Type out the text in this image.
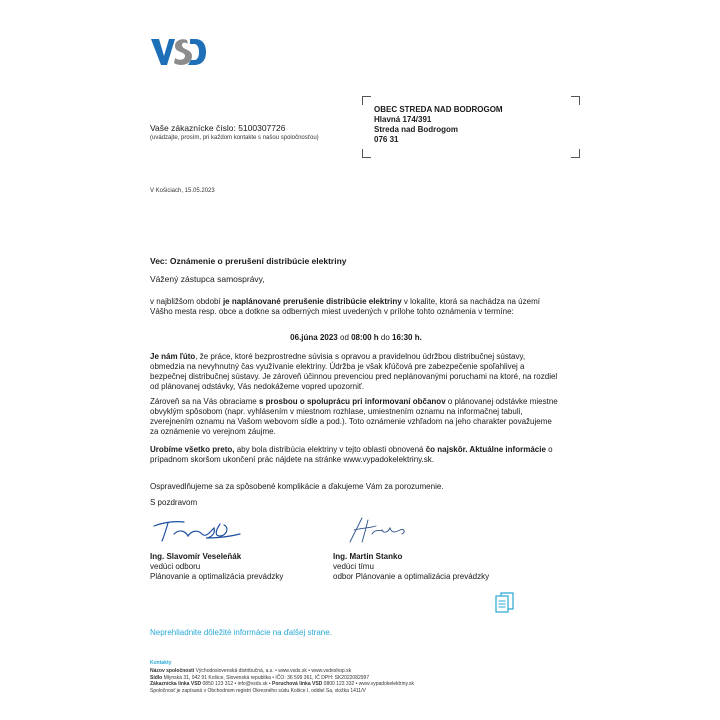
Vaše zákaznícke číslo: 5100307726
(uvádzajte, prosím, pri každom kontakte s našou spoločnosťou)
OBEC STREDA NAD BODROGOM
Hlavná 174/391
Streda nad Bodrogom
076 31
V Košiciach, 15.05.2023
Vec: Oznámenie o prerušení distribúcie elektriny
Vážený zástupca samosprávy,
v najbližšom období je naplánované prerušenie distribúcie elektriny v lokalite, ktorá sa nachádza na území Vášho mesta resp. obce a dotkne sa odberných miest uvedených v prílohe tohto oznámenia v termíne:
06.júna 2023 od 08:00 h do 16:30 h.
Je nám ľúto, že práce, ktoré bezprostredne súvisia s opravou a pravidelnou údržbou distribučnej sústavy, obmedzia na nevyhnutný čas využívanie elektriny. Údržba je však kľúčová pre zabezpečenie spoľahlivej a bezpečnej distribučnej sústavy. Je zároveň účinnou prevenciou pred neplánovanými poruchami na ktoré, na rozdiel od plánovanej odstávky, Vás nedokážeme vopred upozorniť.
Zároveň sa na Vás obraciame s prosbou o spoluprácu pri informovaní občanov o plánovanej odstávke miestne obvyklým spôsobom (napr. vyhlásením v miestnom rozhlase, umiestnením oznamu na informačnej tabuli, zverejnením oznamu na Vašom webovom sídle a pod.). Toto oznámenie vzhľadom na jeho charakter považujeme za oznámenie vo verejnom záujme.
Urobíme všetko preto, aby bola distribúcia elektriny v tejto oblasti obnovená čo najskôr. Aktuálne informácie o prípadnom skoršom ukončení prác nájdete na stránke www.vypadokelektriny.sk.
Ospravedlňujeme sa za spôsobené komplikácie a ďakujeme Vám za porozumenie.
S pozdravom
Ing. Slavomír Veseleňák
vedúci odboru
Plánovanie a optimalizácia prevádzky
Ing. Martin Stanko
vedúci tímu
odbor Plánovanie a optimalizácia prevádzky
Neprehliadnite dôležité informácie na ďalšej strane.
Kontakty
Názov spoločnosti Východoslovenská distribučná, a.s. • www.vsds.sk • www.vsdeshop.sk
Sídlo Mlynská 31, 042 91 Košice, Slovenská republika • IČO: 36 599 361, IČ DPH: SK2022082997
Zákaznícka linka VSD 0850 123 312 • info@vsds.sk • Poruchová linka VSD 0800 123 332 • www.vypadokelektriny.sk
Spoločnosť je zapísaná v Obchodnom registri Okresného súdu Košice I, oddiel Sa, vložka 1411/V
